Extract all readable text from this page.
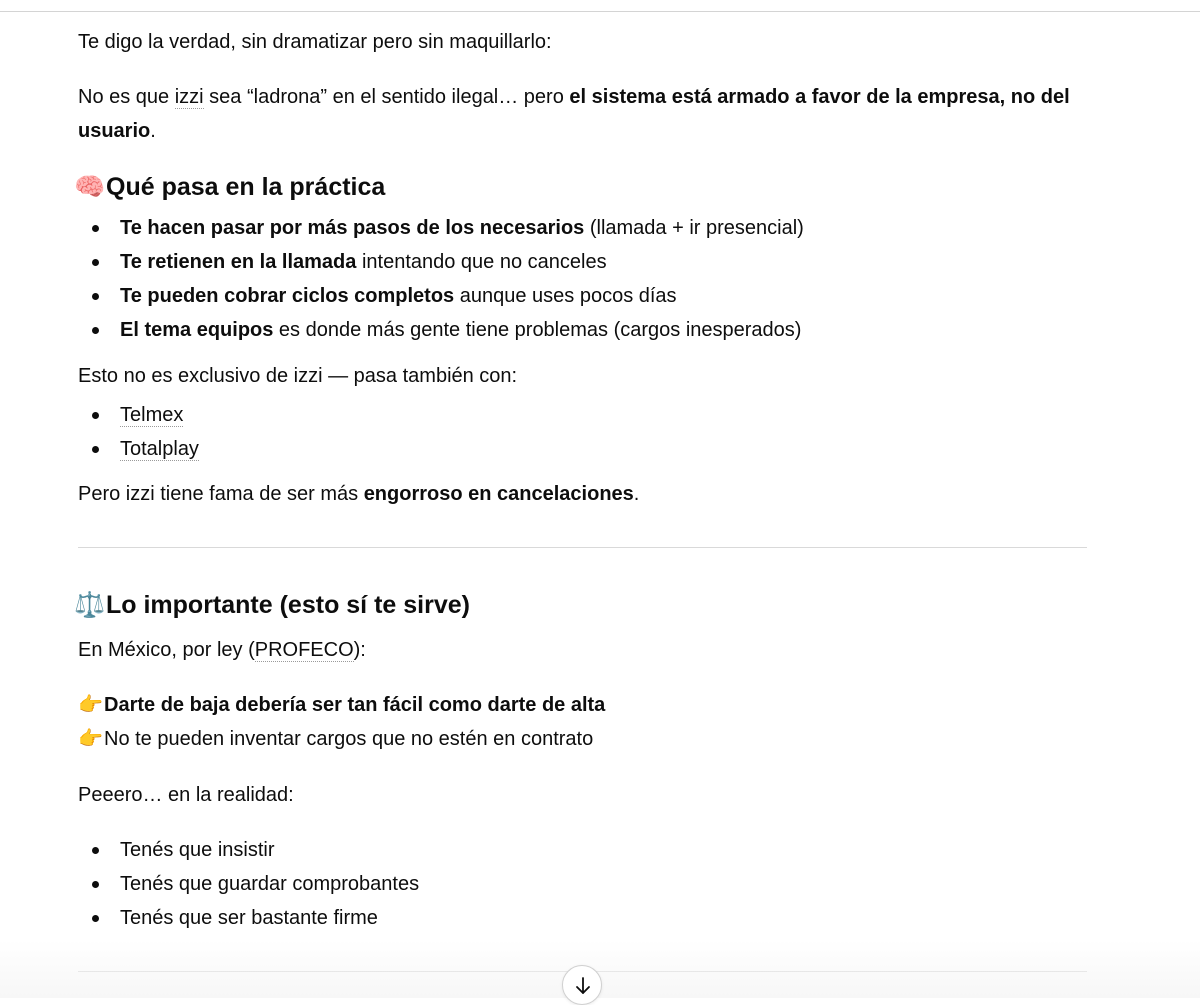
Te digo la verdad, sin dramatizar pero sin maquillarlo:

No es que izzi sea “ladrona” en el sentido ilegal… pero el sistema está armado a favor de la empresa, no del usuario.

🧠Qué pasa en la práctica
Te hacen pasar por más pasos de los necesarios (llamada + ir presencial)
Te retienen en la llamada intentando que no canceles
Te pueden cobrar ciclos completos aunque uses pocos días
El tema equipos es donde más gente tiene problemas (cargos inesperados)

Esto no es exclusivo de izzi — pasa también con:

Telmex
Totalplay

Pero izzi tiene fama de ser más engorroso en cancelaciones.

⚖️Lo importante (esto sí te sirve)

En México, por ley (PROFECO):

👉Darte de baja debería ser tan fácil como darte de alta

👉No te pueden inventar cargos que no estén en contrato

Peeero… en la realidad:

Tenés que insistir
Tenés que guardar comprobantes
Tenés que ser bastante firme
